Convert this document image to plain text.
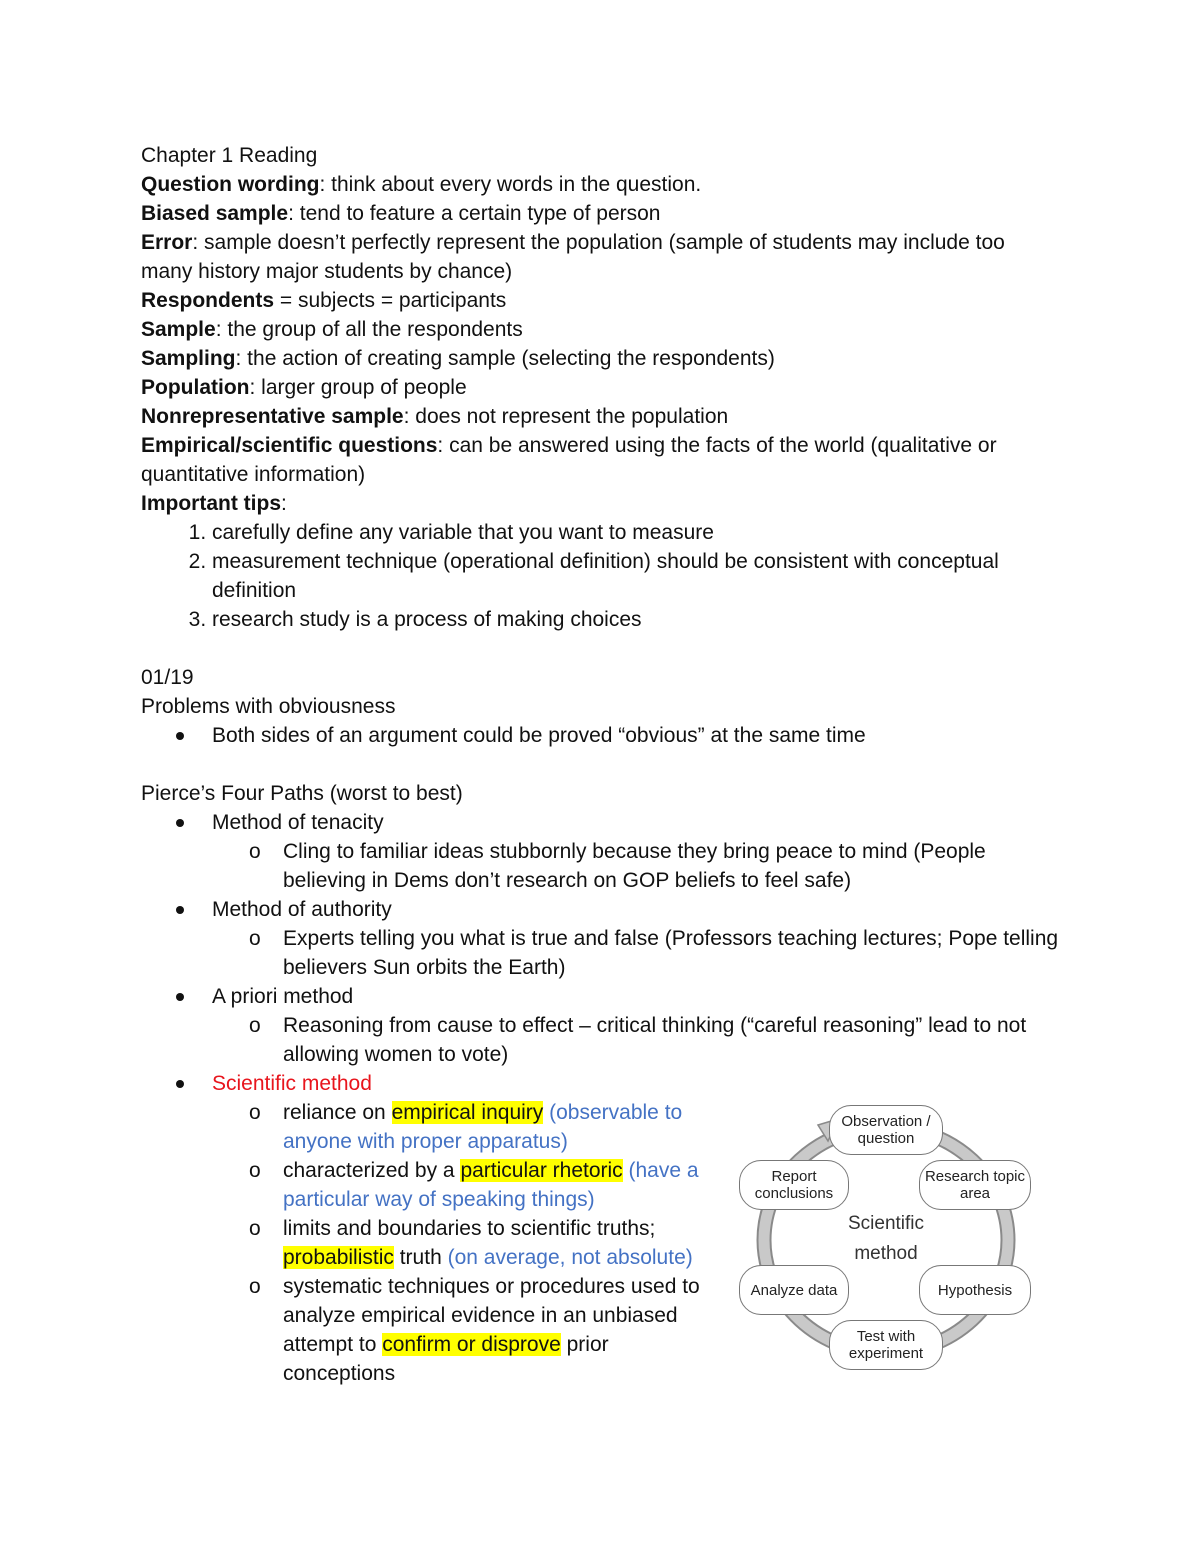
Chapter 1 Reading

Question wording: think about every words in the question.

Biased sample: tend to feature a certain type of person

Error: sample doesn’t perfectly represent the population (sample of students may include too many history major students by chance)

Respondents = subjects = participants

Sample: the group of all the respondents

Sampling: the action of creating sample (selecting the respondents)

Population: larger group of people

Nonrepresentative sample: does not represent the population

Empirical/scientific questions: can be answered using the facts of the world (qualitative or quantitative information)

Important tips:

1. carefully define any variable that you want to measure
2. measurement technique (operational definition) should be consistent with conceptual definition
3. research study is a process of making choices

01/19

Problems with obviousness

Both sides of an argument could be proved “obvious” at the same time

Pierce’s Four Paths (worst to best)

Method of tenacity
o Cling to familiar ideas stubbornly because they bring peace to mind (People believing in Dems don’t research on GOP beliefs to feel safe)
Method of authority
o Experts telling you what is true and false (Professors teaching lectures; Pope telling believers Sun orbits the Earth)
A priori method
o Reasoning from cause to effect – critical thinking (“careful reasoning” lead to not allowing women to vote)
Scientific method
o reliance on empirical inquiry (observable to anyone with proper apparatus)
o characterized by a particular rhetoric (have a particular way of speaking things)
o limits and boundaries to scientific truths; probabilistic truth (on average, not absolute)
o systematic techniques or procedures used to analyze empirical evidence in an unbiased attempt to confirm or disprove prior conceptions
Observation / question
Research topic area
Hypothesis
Test with experiment
Analyze data
Report conclusions
Scientific
method
